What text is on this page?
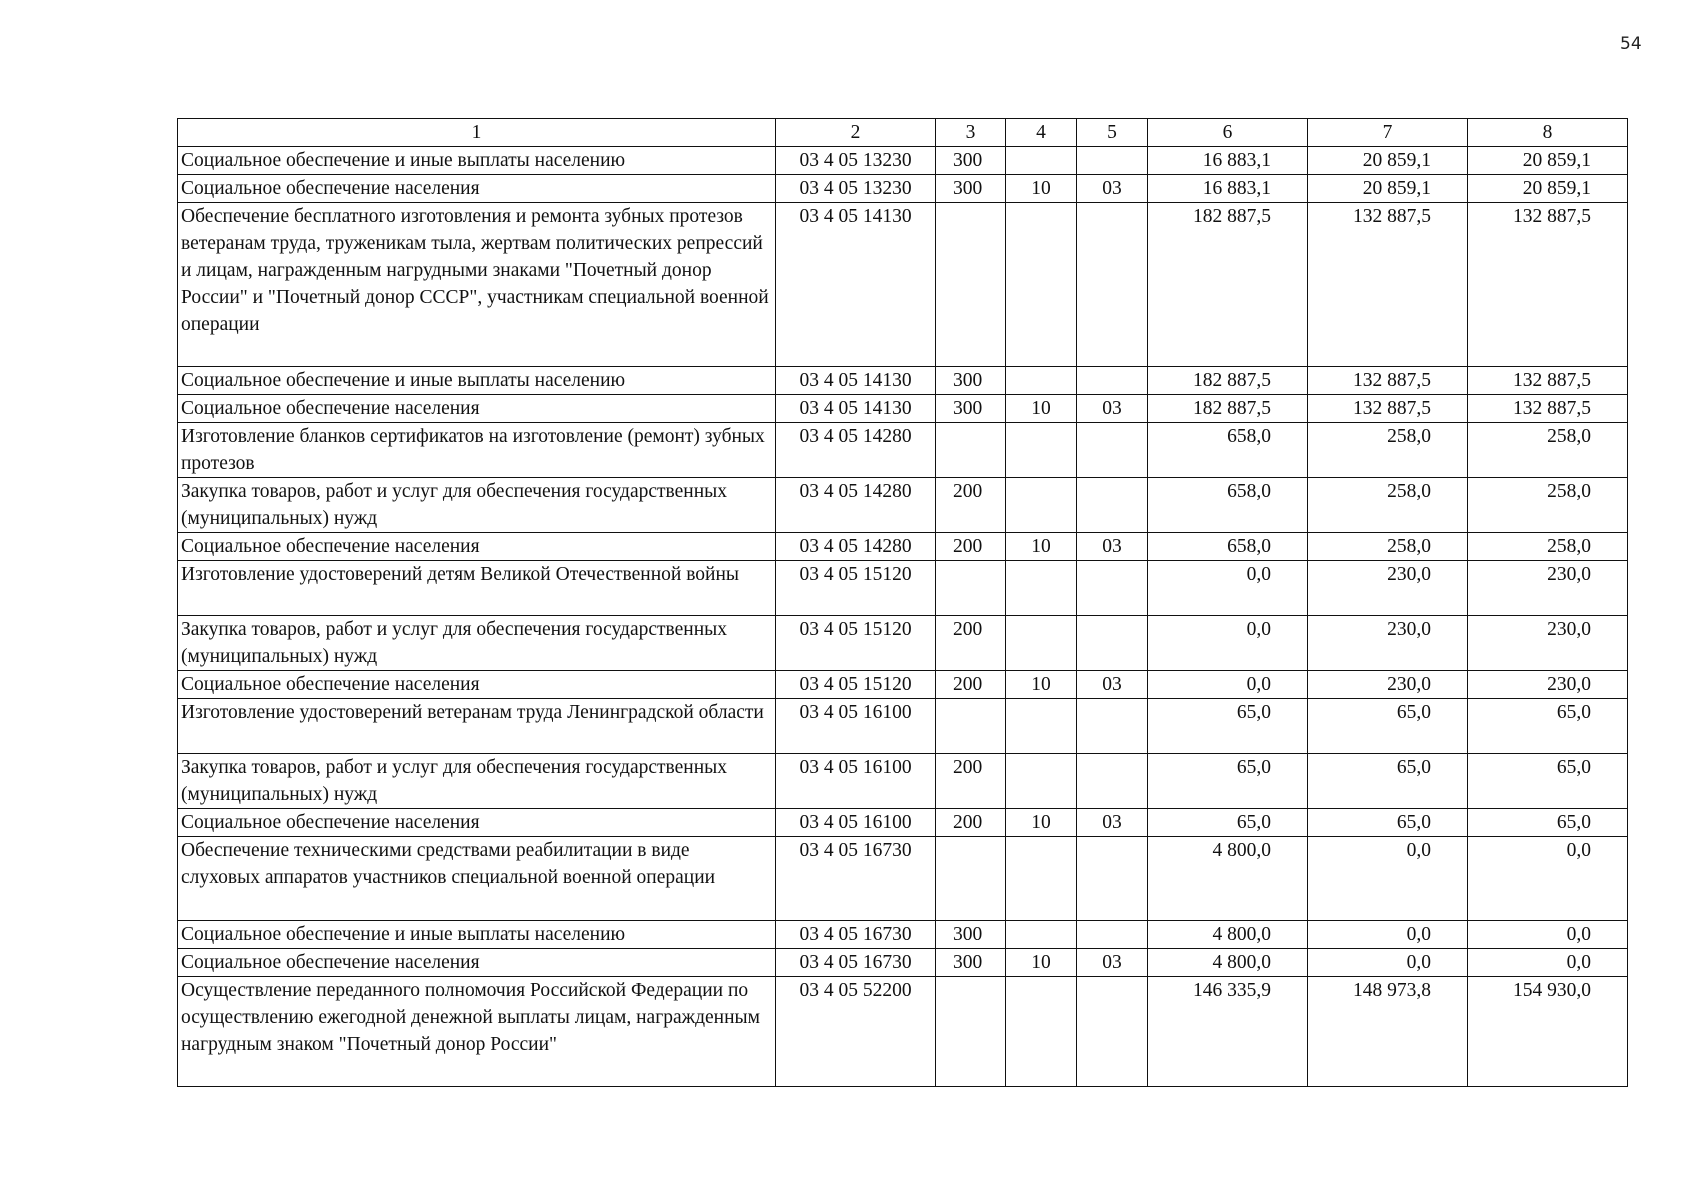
54
1	2	3	4	5	6	7	8
Социальное обеспечение и иные выплаты населению	03 4 05 13230	300			16 883,1	20 859,1	20 859,1
Социальное обеспечение населения	03 4 05 13230	300	10	03	16 883,1	20 859,1	20 859,1
Обеспечение бесплатного изготовления и ремонта зубных протезов ветеранам труда, труженикам тыла, жертвам политических репрессий и лицам, награжденным нагрудными знаками "Почетный донор России" и "Почетный донор СССР", участникам специальной военной операции	03 4 05 14130				182 887,5	132 887,5	132 887,5
Социальное обеспечение и иные выплаты населению	03 4 05 14130	300			182 887,5	132 887,5	132 887,5
Социальное обеспечение населения	03 4 05 14130	300	10	03	182 887,5	132 887,5	132 887,5
Изготовление бланков сертификатов на изготовление (ремонт) зубных протезов	03 4 05 14280				658,0	258,0	258,0
Закупка товаров, работ и услуг для обеспечения государственных (муниципальных) нужд	03 4 05 14280	200			658,0	258,0	258,0
Социальное обеспечение населения	03 4 05 14280	200	10	03	658,0	258,0	258,0
Изготовление удостоверений детям Великой Отечественной войны	03 4 05 15120				0,0	230,0	230,0
Закупка товаров, работ и услуг для обеспечения государственных (муниципальных) нужд	03 4 05 15120	200			0,0	230,0	230,0
Социальное обеспечение населения	03 4 05 15120	200	10	03	0,0	230,0	230,0
Изготовление удостоверений ветеранам труда Ленинградской области	03 4 05 16100				65,0	65,0	65,0
Закупка товаров, работ и услуг для обеспечения государственных (муниципальных) нужд	03 4 05 16100	200			65,0	65,0	65,0
Социальное обеспечение населения	03 4 05 16100	200	10	03	65,0	65,0	65,0
Обеспечение техническими средствами реабилитации в виде слуховых аппаратов участников специальной военной операции	03 4 05 16730				4 800,0	0,0	0,0
Социальное обеспечение и иные выплаты населению	03 4 05 16730	300			4 800,0	0,0	0,0
Социальное обеспечение населения	03 4 05 16730	300	10	03	4 800,0	0,0	0,0
Осуществление переданного полномочия Российской Федерации по осуществлению ежегодной денежной выплаты лицам, награжденным нагрудным знаком "Почетный донор России"	03 4 05 52200				146 335,9	148 973,8	154 930,0
